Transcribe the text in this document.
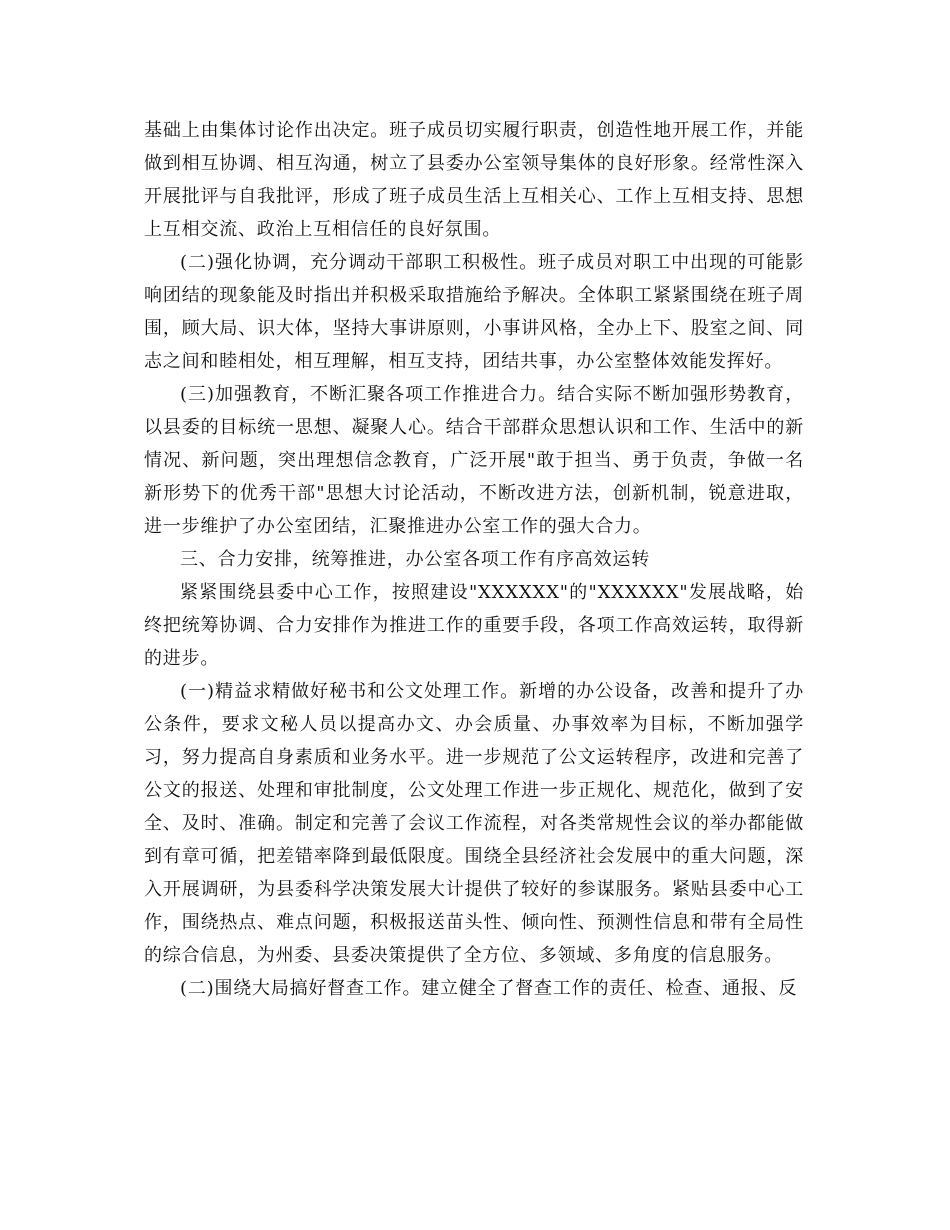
基础上由集体讨论作出决定。班子成员切实履行职责，创造性地开展工作，并能做到相互协调、相互沟通，树立了县委办公室领导集体的良好形象。经常性深入开展批评与自我批评，形成了班子成员生活上互相关心、工作上互相支持、思想上互相交流、政治上互相信任的良好氛围。

(二)强化协调，充分调动干部职工积极性。班子成员对职工中出现的可能影响团结的现象能及时指出并积极采取措施给予解决。全体职工紧紧围绕在班子周围，顾大局、识大体，坚持大事讲原则，小事讲风格，全办上下、股室之间、同志之间和睦相处，相互理解，相互支持，团结共事，办公室整体效能发挥好。

(三)加强教育，不断汇聚各项工作推进合力。结合实际不断加强形势教育，以县委的目标统一思想、凝聚人心。结合干部群众思想认识和工作、生活中的新情况、新问题，突出理想信念教育，广泛开展"敢于担当、勇于负责，争做一名新形势下的优秀干部"思想大讨论活动，不断改进方法，创新机制，锐意进取，进一步维护了办公室团结，汇聚推进办公室工作的强大合力。

三、合力安排，统筹推进，办公室各项工作有序高效运转

紧紧围绕县委中心工作，按照建设"XXXXXX"的"XXXXXX"发展战略，始终把统筹协调、合力安排作为推进工作的重要手段，各项工作高效运转，取得新的进步。

(一)精益求精做好秘书和公文处理工作。新增的办公设备，改善和提升了办公条件，要求文秘人员以提高办文、办会质量、办事效率为目标，不断加强学习，努力提高自身素质和业务水平。进一步规范了公文运转程序，改进和完善了公文的报送、处理和审批制度，公文处理工作进一步正规化、规范化，做到了安全、及时、准确。制定和完善了会议工作流程，对各类常规性会议的举办都能做到有章可循，把差错率降到最低限度。围绕全县经济社会发展中的重大问题，深入开展调研，为县委科学决策发展大计提供了较好的参谋服务。紧贴县委中心工作，围绕热点、难点问题，积极报送苗头性、倾向性、预测性信息和带有全局性的综合信息，为州委、县委决策提供了全方位、多领域、多角度的信息服务。

(二)围绕大局搞好督查工作。建立健全了督查工作的责任、检查、通报、反
